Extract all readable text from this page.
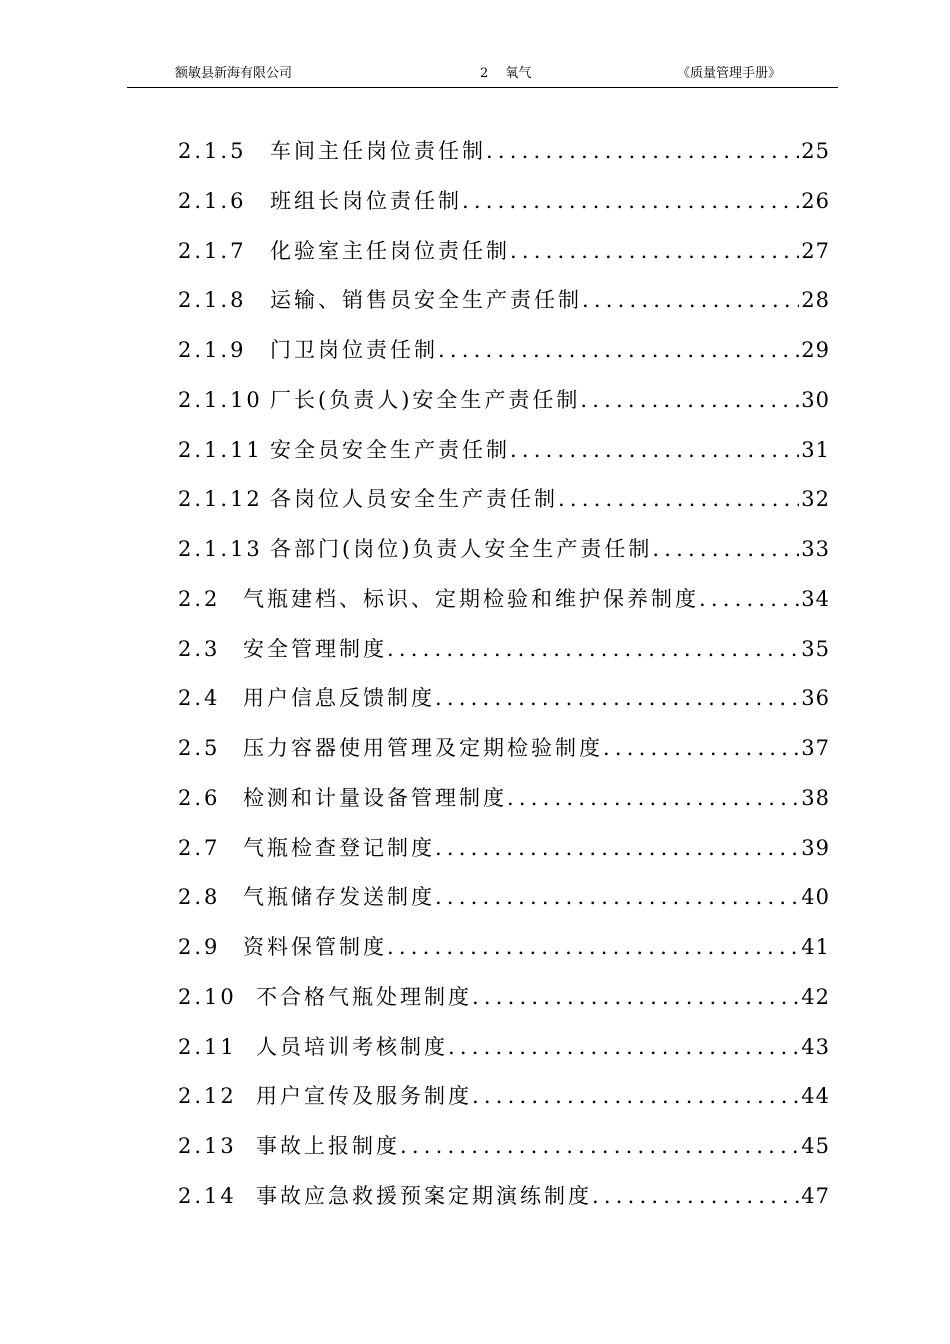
额敏县新海有限公司	2　 氧气	《质量管理手册》
2.1.5	车间主任岗位责任制 .....	25
2.1.6	班组长岗位责任制 .....	26
2.1.7	化验室主任岗位责任制 .....	27
2.1.8	运输、销售员安全生产责任制 .....	28
2.1.9	门卫岗位责任制 .....	29
2.1.10 厂长(负责人)安全生产责任制 .....	30
2.1.11 安全员安全生产责任制 .....	31
2.1.12 各岗位人员安全生产责任制 .....	32
2.1.13 各部门(岗位)负责人安全生产责任制 .....	33
2.2	气瓶建档、标识、定期检验和维护保养制度 .....	34
2.3	安全管理制度 .....	35
2.4	用户信息反馈制度 .....	36
2.5	压力容器使用管理及定期检验制度 .....	37
2.6	检测和计量设备管理制度 .....	38
2.7	气瓶检查登记制度 .....	39
2.8	气瓶储存发送制度 .....	40
2.9	资料保管制度 .....	41
2.10 不合格气瓶处理制度 .....	42
2.11 人员培训考核制度 .....	43
2.12 用户宣传及服务制度 .....	44
2.13 事故上报制度 .....	45
2.14 事故应急救援预案定期演练制度 .....	47
